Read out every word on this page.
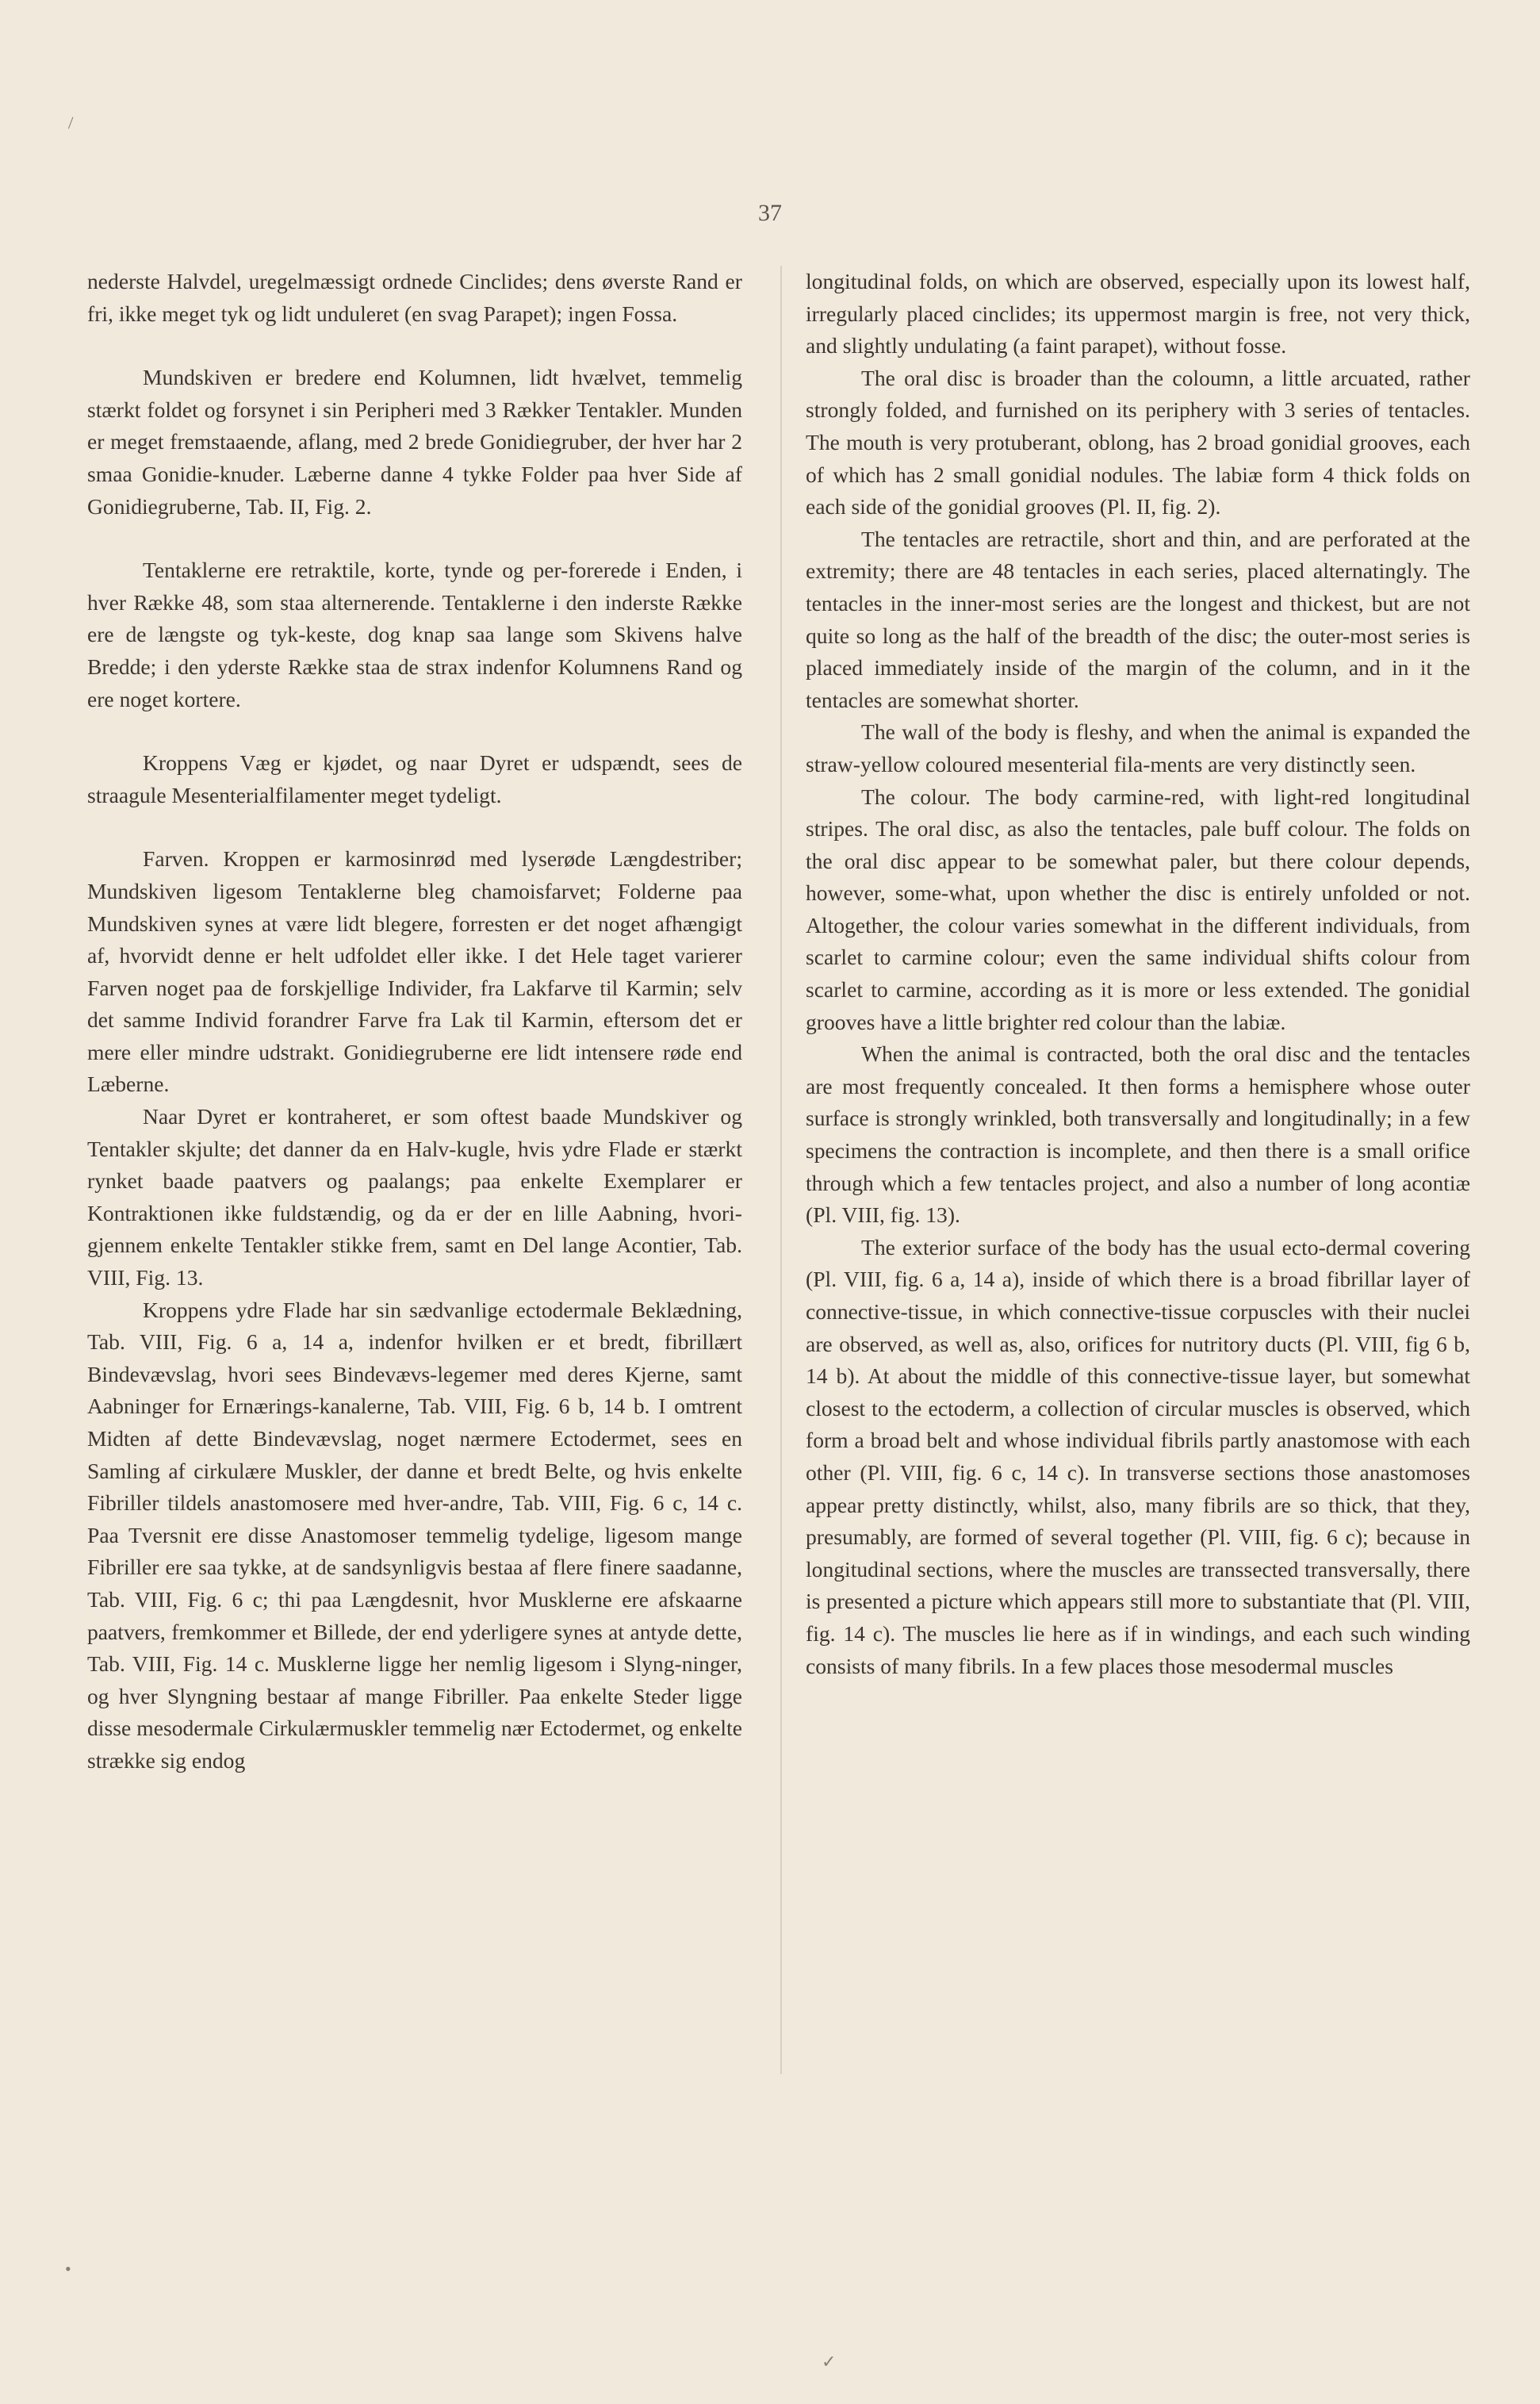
37

nederste Halvdel, uregelmæssigt ordnede Cinclides; dens øverste Rand er fri, ikke meget tyk og lidt unduleret (en svag Parapet); ingen Fossa.

Mundskiven er bredere end Kolumnen, lidt hvælvet, temmelig stærkt foldet og forsynet i sin Peripheri med 3 Rækker Tentakler. Munden er meget fremstaaende, aflang, med 2 brede Gonidiegruber, der hver har 2 smaa Gonidie-knuder. Læberne danne 4 tykke Folder paa hver Side af Gonidiegruberne, Tab. II, Fig. 2.

Tentaklerne ere retraktile, korte, tynde og per-forerede i Enden, i hver Række 48, som staa alternerende. Tentaklerne i den inderste Række ere de længste og tyk-keste, dog knap saa lange som Skivens halve Bredde; i den yderste Række staa de strax indenfor Kolumnens Rand og ere noget kortere.

Kroppens Væg er kjødet, og naar Dyret er udspændt, sees de straagule Mesenterialfilamenter meget tydeligt.

Farven. Kroppen er karmosinrød med lyserøde Længdestriber; Mundskiven ligesom Tentaklerne bleg chamoisfarvet; Folderne paa Mundskiven synes at være lidt blegere, forresten er det noget afhængigt af, hvorvidt denne er helt udfoldet eller ikke. I det Hele taget varierer Farven noget paa de forskjellige Individer, fra Lakfarve til Karmin; selv det samme Individ forandrer Farve fra Lak til Karmin, eftersom det er mere eller mindre udstrakt. Gonidiegruberne ere lidt intensere røde end Læberne.

Naar Dyret er kontraheret, er som oftest baade Mundskiver og Tentakler skjulte; det danner da en Halv-kugle, hvis ydre Flade er stærkt rynket baade paatvers og paalangs; paa enkelte Exemplarer er Kontraktionen ikke fuldstændig, og da er der en lille Aabning, hvori-gjennem enkelte Tentakler stikke frem, samt en Del lange Acontier, Tab. VIII, Fig. 13.

Kroppens ydre Flade har sin sædvanlige ectodermale Beklædning, Tab. VIII, Fig. 6 a, 14 a, indenfor hvilken er et bredt, fibrillært Bindevævslag, hvori sees Bindevævs-legemer med deres Kjerne, samt Aabninger for Ernærings-kanalerne, Tab. VIII, Fig. 6 b, 14 b. I omtrent Midten af dette Bindevævslag, noget nærmere Ectodermet, sees en Samling af cirkulære Muskler, der danne et bredt Belte, og hvis enkelte Fibriller tildels anastomosere med hver-andre, Tab. VIII, Fig. 6 c, 14 c. Paa Tversnit ere disse Anastomoser temmelig tydelige, ligesom mange Fibriller ere saa tykke, at de sandsynligvis bestaa af flere finere saadanne, Tab. VIII, Fig. 6 c; thi paa Længdesnit, hvor Musklerne ere afskaarne paatvers, fremkommer et Billede, der end yderligere synes at antyde dette, Tab. VIII, Fig. 14 c. Musklerne ligge her nemlig ligesom i Slyng-ninger, og hver Slyngning bestaar af mange Fibriller. Paa enkelte Steder ligge disse mesodermale Cirkulærmuskler temmelig nær Ectodermet, og enkelte strække sig endog

longitudinal folds, on which are observed, especially upon its lowest half, irregularly placed cinclides; its uppermost margin is free, not very thick, and slightly undulating (a faint parapet), without fosse.

The oral disc is broader than the coloumn, a little arcuated, rather strongly folded, and furnished on its periphery with 3 series of tentacles. The mouth is very protuberant, oblong, has 2 broad gonidial grooves, each of which has 2 small gonidial nodules. The labiæ form 4 thick folds on each side of the gonidial grooves (Pl. II, fig. 2).

The tentacles are retractile, short and thin, and are perforated at the extremity; there are 48 tentacles in each series, placed alternatingly. The tentacles in the inner-most series are the longest and thickest, but are not quite so long as the half of the breadth of the disc; the outer-most series is placed immediately inside of the margin of the column, and in it the tentacles are somewhat shorter.

The wall of the body is fleshy, and when the animal is expanded the straw-yellow coloured mesenterial fila-ments are very distinctly seen.

The colour. The body carmine-red, with light-red longitudinal stripes. The oral disc, as also the tentacles, pale buff colour. The folds on the oral disc appear to be somewhat paler, but there colour depends, however, some-what, upon whether the disc is entirely unfolded or not. Altogether, the colour varies somewhat in the different individuals, from scarlet to carmine colour; even the same individual shifts colour from scarlet to carmine, according as it is more or less extended. The gonidial grooves have a little brighter red colour than the labiæ.

When the animal is contracted, both the oral disc and the tentacles are most frequently concealed. It then forms a hemisphere whose outer surface is strongly wrinkled, both transversally and longitudinally; in a few specimens the contraction is incomplete, and then there is a small orifice through which a few tentacles project, and also a number of long acontiæ (Pl. VIII, fig. 13).

The exterior surface of the body has the usual ecto-dermal covering (Pl. VIII, fig. 6 a, 14 a), inside of which there is a broad fibrillar layer of connective-tissue, in which connective-tissue corpuscles with their nuclei are observed, as well as, also, orifices for nutritory ducts (Pl. VIII, fig 6 b, 14 b). At about the middle of this connective-tissue layer, but somewhat closest to the ectoderm, a collection of circular muscles is observed, which form a broad belt and whose individual fibrils partly anastomose with each other (Pl. VIII, fig. 6 c, 14 c). In transverse sections those anastomoses appear pretty distinctly, whilst, also, many fibrils are so thick, that they, presumably, are formed of several together (Pl. VIII, fig. 6 c); because in longitudinal sections, where the muscles are transsected transversally, there is presented a picture which appears still more to substantiate that (Pl. VIII, fig. 14 c). The muscles lie here as if in windings, and each such winding consists of many fibrils. In a few places those mesodermal muscles

\
•
✓
